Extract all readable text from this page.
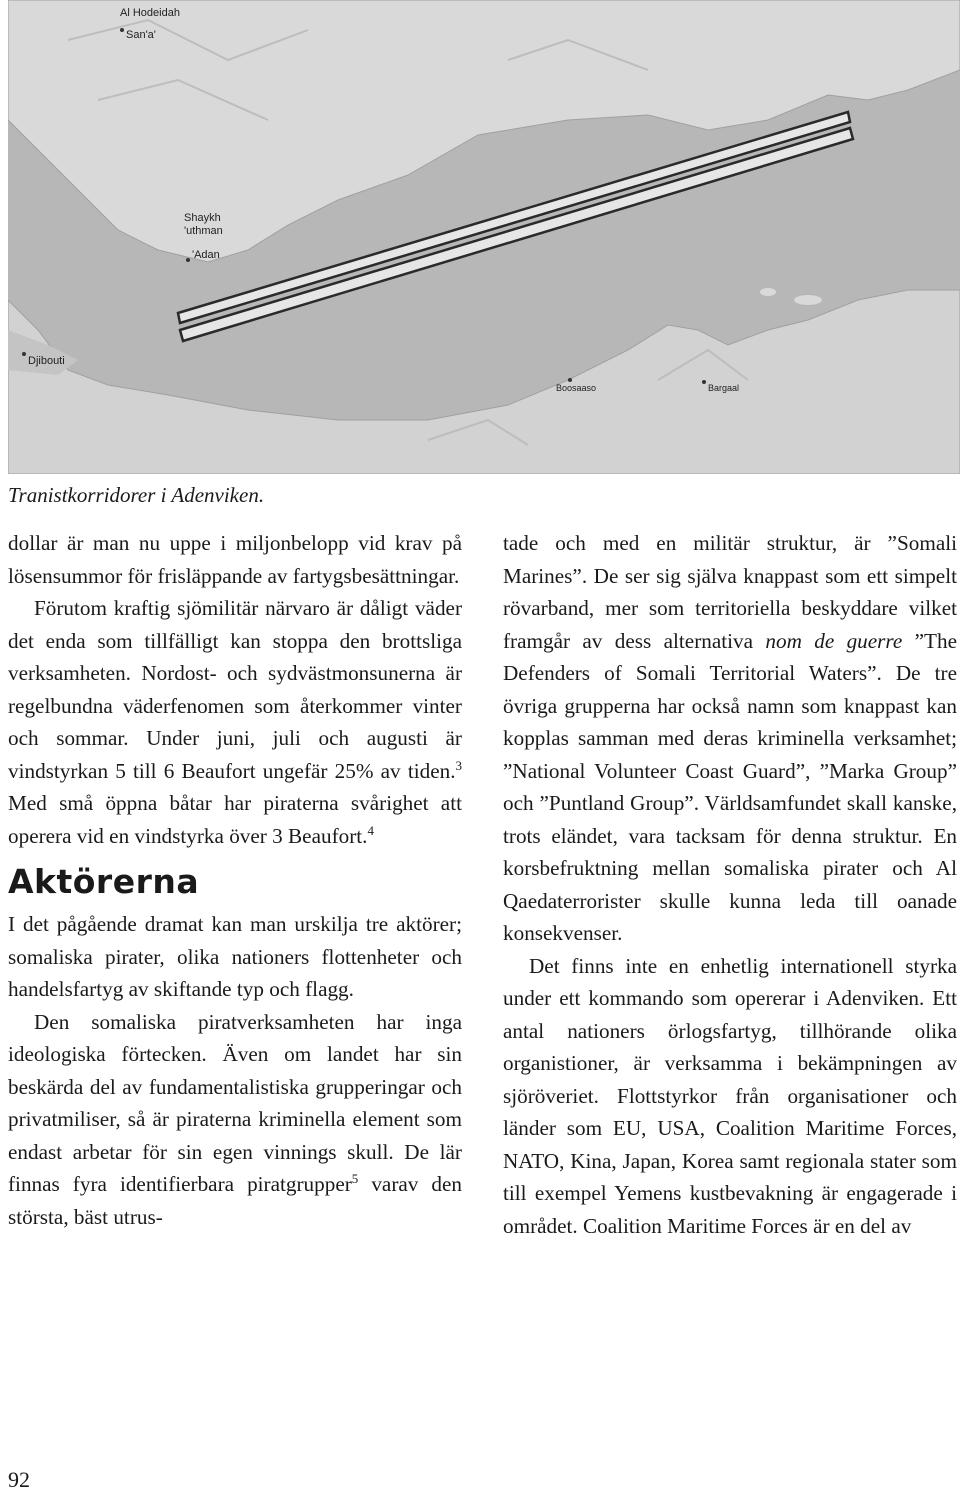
Al Hodeidah
San'a'
Shaykh 'uthman
'Adan
Djibouti
Boosaaso	Bargaal
Tranistkorridorer i Adenviken.

dollar är man nu uppe i miljonbelopp vid krav på lösensummor för frisläppande av fartygsbesättningar.

Förutom kraftig sjömilitär närvaro är dåligt väder det enda som tillfälligt kan stoppa den brottsliga verksamheten. Nordost- och sydvästmonsunerna är regelbundna väderfenomen som återkommer vinter och sommar. Under juni, juli och augusti är vindstyrkan 5 till 6 Beaufort ungefär 25% av tiden.$^3$ Med små öppna båtar har piraterna svårighet att operera vid en vindstyrka över 3 Beaufort.$^4$

Aktörerna

I det pågående dramat kan man urskilja tre aktörer; somaliska pirater, olika nationers flottenheter och handelsfartyg av skiftande typ och flagg.

Den somaliska piratverksamheten har inga ideologiska förtecken. Även om landet har sin beskärda del av fundamentalistiska grupperingar och privatmiliser, så är piraterna kriminella element som endast arbetar för sin egen vinnings skull. De lär finnas fyra identifierbara piratgrupper$^5$ varav den största, bäst utrus-

tade och med en militär struktur, är ”Somali Marines”. De ser sig själva knappast som ett simpelt rövarband, mer som territoriella beskyddare vilket framgår av dess alternativa nom de guerre ”The Defenders of Somali Territorial Waters”. De tre övriga grupperna har också namn som knappast kan kopplas samman med deras kriminella verksamhet; ”National Volunteer Coast Guard”, ”Marka Group” och ”Puntland Group”. Världsamfundet skall kanske, trots eländet, vara tacksam för denna struktur. En korsbefruktning mellan somaliska pirater och Al Qaedaterrorister skulle kunna leda till oanade konsekvenser.

Det finns inte en enhetlig internationell styrka under ett kommando som opererar i Adenviken. Ett antal nationers örlogsfartyg, tillhörande olika organistioner, är verksamma i bekämpningen av sjöröveriet. Flottstyrkor från organisationer och länder som EU, USA, Coalition Maritime Forces, NATO, Kina, Japan, Korea samt regionala stater som till exempel Yemens kustbevakning är engagerade i området. Coalition Maritime Forces är en del av

92
